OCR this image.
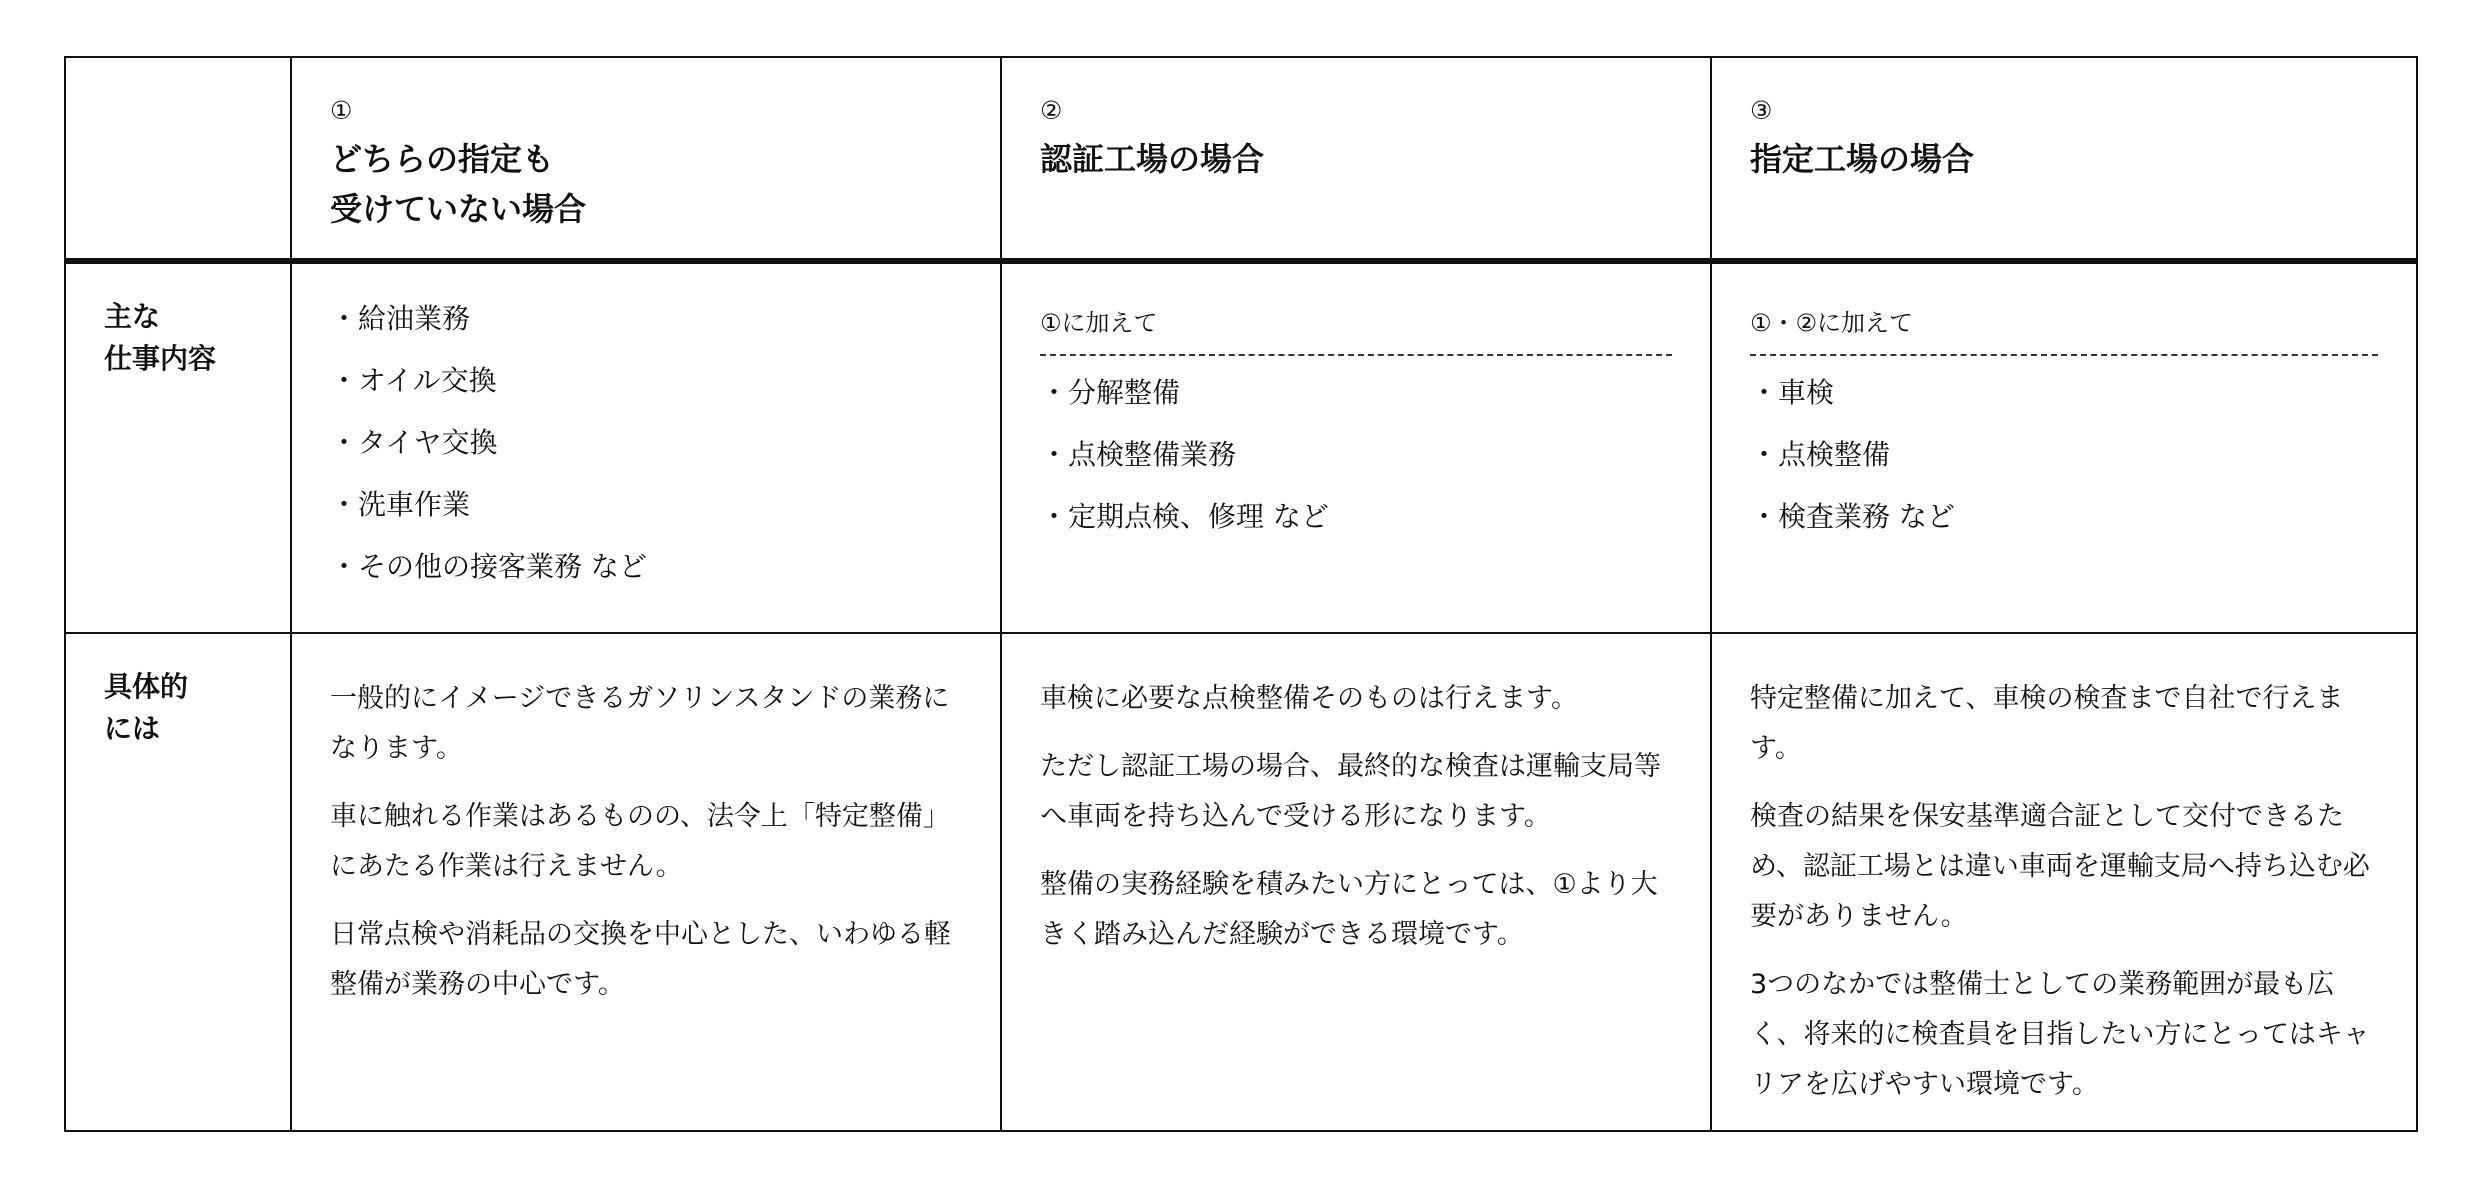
①
どちらの指定も
受けていない場合
②
認証工場の場合
③
指定工場の場合
主な
仕事内容
・給油業務
・オイル交換
・タイヤ交換
・洗車作業
・その他の接客業務 など
①に加えて
・分解整備
・点検整備業務
・定期点検、修理 など
①・②に加えて
・車検
・点検整備
・検査業務 など
具体的
には

一般的にイメージできるガソリンスタンドの業務になります。

車に触れる作業はあるものの、法令上「特定整備」にあたる作業は行えません。

日常点検や消耗品の交換を中心とした、いわゆる軽整備が業務の中心です。

車検に必要な点検整備そのものは行えます。

ただし認証工場の場合、最終的な検査は運輸支局等へ車両を持ち込んで受ける形になります。

整備の実務経験を積みたい方にとっては、①より大きく踏み込んだ経験ができる環境です。

特定整備に加えて、車検の検査まで自社で行えます。

検査の結果を保安基準適合証として交付できるため、認証工場とは違い車両を運輸支局へ持ち込む必要がありません。

3つのなかでは整備士としての業務範囲が最も広く、将来的に検査員を目指したい方にとってはキャリアを広げやすい環境です。
